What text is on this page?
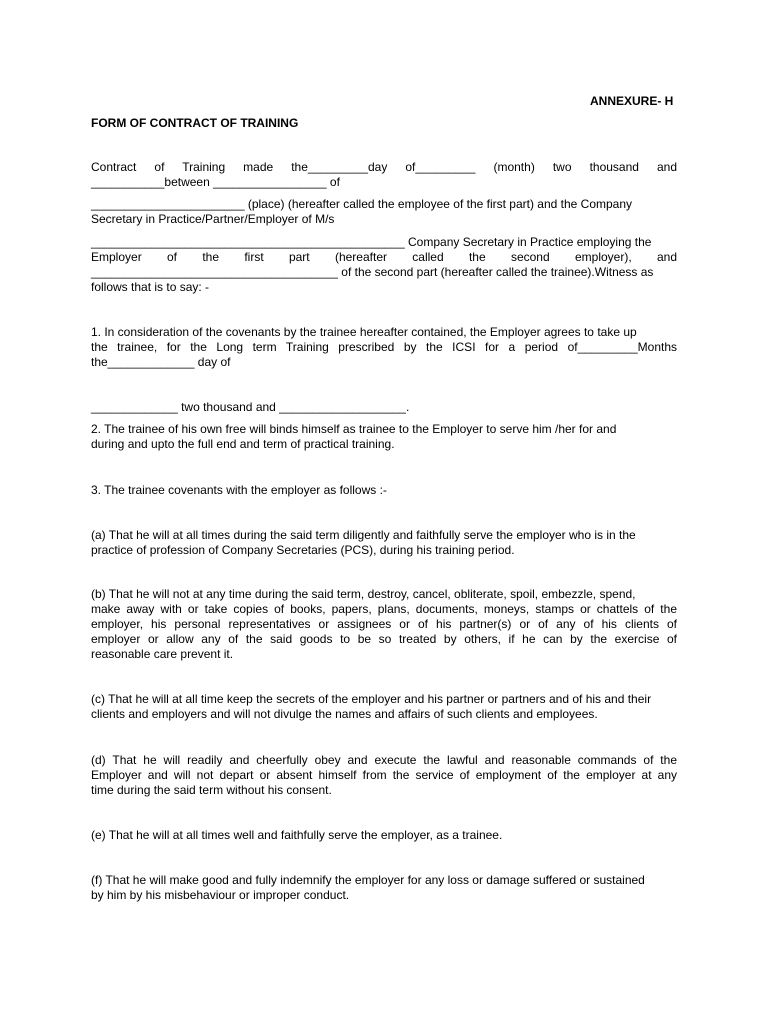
ANNEXURE- H
FORM OF CONTRACT OF TRAINING
Contract of Training made the_________day of_________ (month) two thousand and
___________between _________________ of
_______________________ (place) (hereafter called the employee of the first part) and the Company
Secretary in Practice/Partner/Employer of M/s
_______________________________________________ Company Secretary in Practice employing the
Employer of the first part (hereafter called the second employer), and
_____________________________________ of the second part (hereafter called the trainee).Witness as
follows that is to say: -
1. In consideration of the covenants by the trainee hereafter contained, the Employer agrees to take up
the trainee, for the Long term Training prescribed by the ICSI for a period of_________Months
the_____________ day of
_____________ two thousand and ___________________.
2. The trainee of his own free will binds himself as trainee to the Employer to serve him /her for and
during and upto the full end and term of practical training.
3. The trainee covenants with the employer as follows :-
(a) That he will at all times during the said term diligently and faithfully serve the employer who is in the
practice of profession of Company Secretaries (PCS), during his training period.
(b) That he will not at any time during the said term, destroy, cancel, obliterate, spoil, embezzle, spend,
make away with or take copies of books, papers, plans, documents, moneys, stamps or chattels of the
employer, his personal representatives or assignees or of his partner(s) or of any of his clients of
employer or allow any of the said goods to be so treated by others, if he can by the exercise of
reasonable care prevent it.
(c) That he will at all time keep the secrets of the employer and his partner or partners and of his and their
clients and employers and will not divulge the names and affairs of such clients and employees.
(d) That he will readily and cheerfully obey and execute the lawful and reasonable commands of the
Employer and will not depart or absent himself from the service of employment of the employer at any
time during the said term without his consent.
(e) That he will at all times well and faithfully serve the employer, as a trainee.
(f) That he will make good and fully indemnify the employer for any loss or damage suffered or sustained
by him by his misbehaviour or improper conduct.
